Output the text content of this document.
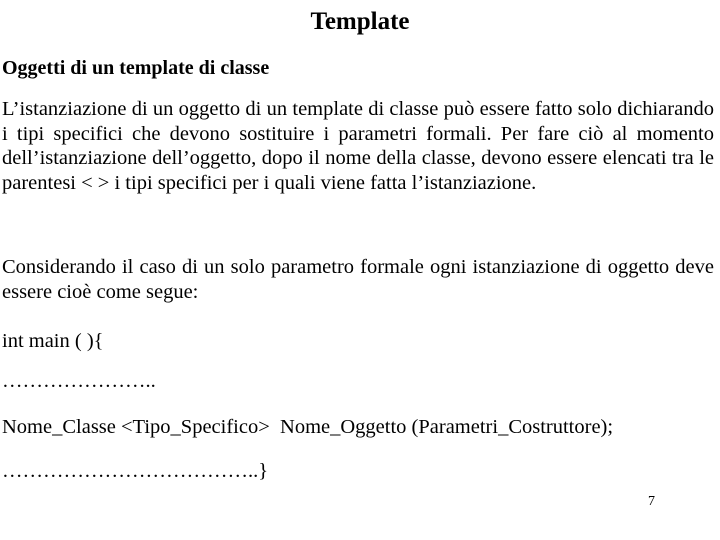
Template
Oggetti di un template di classe
L’istanziazione di un oggetto di un template di classe può essere fatto solo dichiarando i tipi specifici che devono sostituire i parametri formali. Per fare ciò al momento dell’istanziazione dell’oggetto, dopo il nome della classe, devono essere elencati tra le parentesi < > i tipi specifici per i quali viene fatta l’istanziazione.
Considerando il caso di un solo parametro formale ogni istanziazione di oggetto deve essere cioè come segue:
int main ( ){
…………………..
Nome_Classe <Tipo_Specifico>  Nome_Oggetto (Parametri_Costruttore);
………………………………..}
7
